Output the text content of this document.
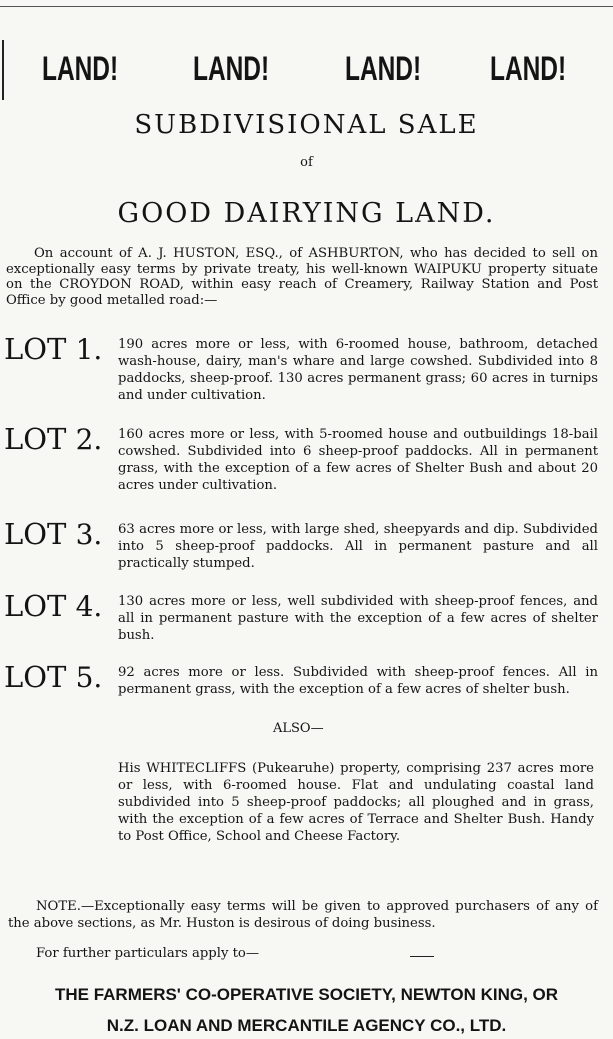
LAND! LAND! LAND! LAND!
SUBDIVISIONAL SALE
of
GOOD DAIRYING LAND.
On account of A. J. HUSTON, ESQ., of ASHBURTON, who has decided to sell on exceptionally easy terms by private treaty, his well-known WAIPUKU property situate on the CROYDON ROAD, within easy reach of Creamery, Railway Station and Post Office by good metalled road:—
LOT 1. 190 acres more or less, with 6-roomed house, bathroom, detached wash-house, dairy, man's whare and large cowshed. Subdivided into 8 paddocks, sheep-proof. 130 acres permanent grass; 60 acres in turnips and under cultivation.
LOT 2. 160 acres more or less, with 5-roomed house and outbuildings 18-bail cowshed. Subdivided into 6 sheep-proof paddocks. All in permanent grass, with the exception of a few acres of Shelter Bush and about 20 acres under cultivation.
LOT 3. 63 acres more or less, with large shed, sheepyards and dip. Subdivided into 5 sheep-proof paddocks. All in permanent pasture and all practically stumped.
LOT 4. 130 acres more or less, well subdivided with sheep-proof fences, and all in permanent pasture with the exception of a few acres of shelter bush.
LOT 5. 92 acres more or less. Subdivided with sheep-proof fences. All in permanent grass, with the exception of a few acres of shelter bush.
ALSO—
His WHITECLIFFS (Pukearuhe) property, comprising 237 acres more or less, with 6-roomed house. Flat and undulating coastal land subdivided into 5 sheep-proof paddocks; all ploughed and in grass, with the exception of a few acres of Terrace and Shelter Bush. Handy to Post Office, School and Cheese Factory.
NOTE.—Exceptionally easy terms will be given to approved purchasers of any of the above sections, as Mr. Huston is desirous of doing business.
For further particulars apply to—
THE FARMERS' CO-OPERATIVE SOCIETY, NEWTON KING, OR
N.Z. LOAN AND MERCANTILE AGENCY CO., LTD.
